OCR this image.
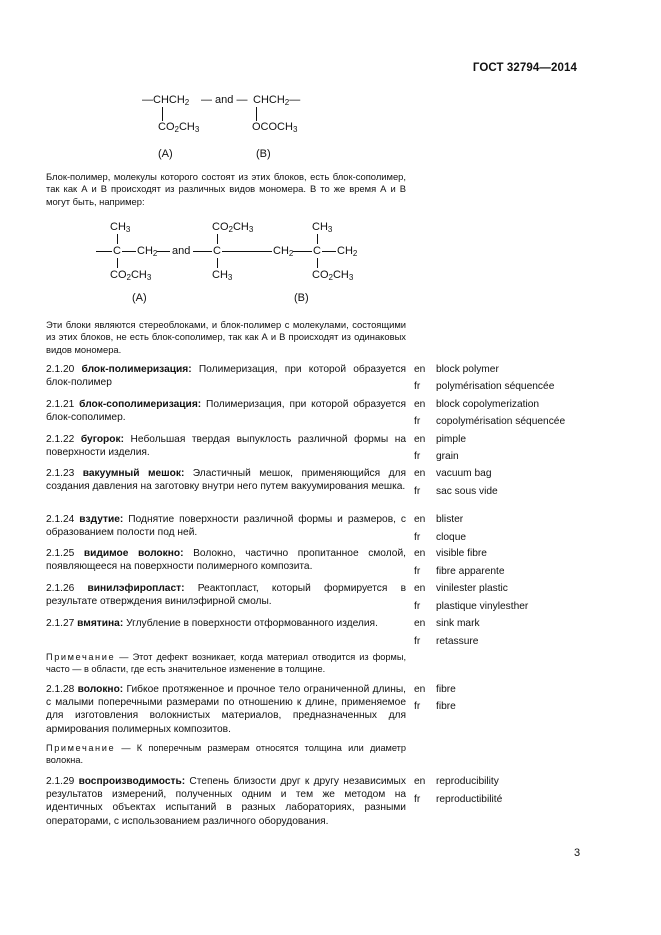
ГОСТ 32794—2014
$—CHCH_2$ — and — $CHCH_2—$
$CO_2CH_3$	$OCOCH_3$
(A)	(B)
Блок-полимер, молекулы которого состоят из этих блоков, есть блок-сополимер, так как А и В происходят из различных видов мономера. В то же время А и В могут быть, например:
$CH_3$	$CO_2CH_3$	$CH_3$
C $CH_2$ and C	$CH_2$ C $CH_2$
$CO_2CH_3$	$CH_3$	$CO_2CH_3$
(A)	(B)
Эти блоки являются стереоблоками, и блок-полимер с молекулами, состоящими из этих блоков, не есть блок-сополимер, так как А и В происходят из одинаковых видов мономера.
2.1.20 блок-полимеризация: Полимеризация, при которой образуется блок-полимер
en block polymer
fr polymérisation séquencée
2.1.21 блок-сополимеризация: Полимеризация, при которой образуется блок-сополимер.
en block copolymerization
fr copolymérisation séquencée
2.1.22 бугорок: Небольшая твердая выпуклость различной формы на поверхности изделия.
en pimple
fr grain
2.1.23 вакуумный мешок: Эластичный мешок, применяющийся для создания давления на заготовку внутри него путем вакуумирования мешка.
en vacuum bag
fr sac sous vide
2.1.24 вздутие: Поднятие поверхности различной формы и размеров, с образованием полости под ней.
en blister
fr cloque
2.1.25 видимое волокно: Волокно, частично пропитанное смолой, появляющееся на поверхности полимерного композита.
en visible fibre
fr fibre apparente
2.1.26 винилэфиропласт: Реактопласт, который формируется в результате отверждения винилэфирной смолы.
en vinilester plastic
fr plastique vinylesther
2.1.27 вмятина: Углубление в поверхности отформованного изделия.	en sink mark
fr retassure
Примечание — Этот дефект возникает, когда материал отводится из формы, часто — в области, где есть значительное изменение в толщине.
2.1.28 волокно: Гибкое протяженное и прочное тело ограниченной длины, с малыми поперечными размерами по отношению к длине, применяемое для изготовления волокнистых материалов, предназначенных для армирования полимерных композитов.
en fibre
fr fibre
Примечание — К поперечным размерам относятся толщина или диаметр волокна.
2.1.29 воспроизводимость: Степень близости друг к другу независимых результатов измерений, полученных одним и тем же методом на идентичных объектах испытаний в разных лабораториях, разными операторами, с использованием различного оборудования.
en reproducibility
fr reproductibilité
3
